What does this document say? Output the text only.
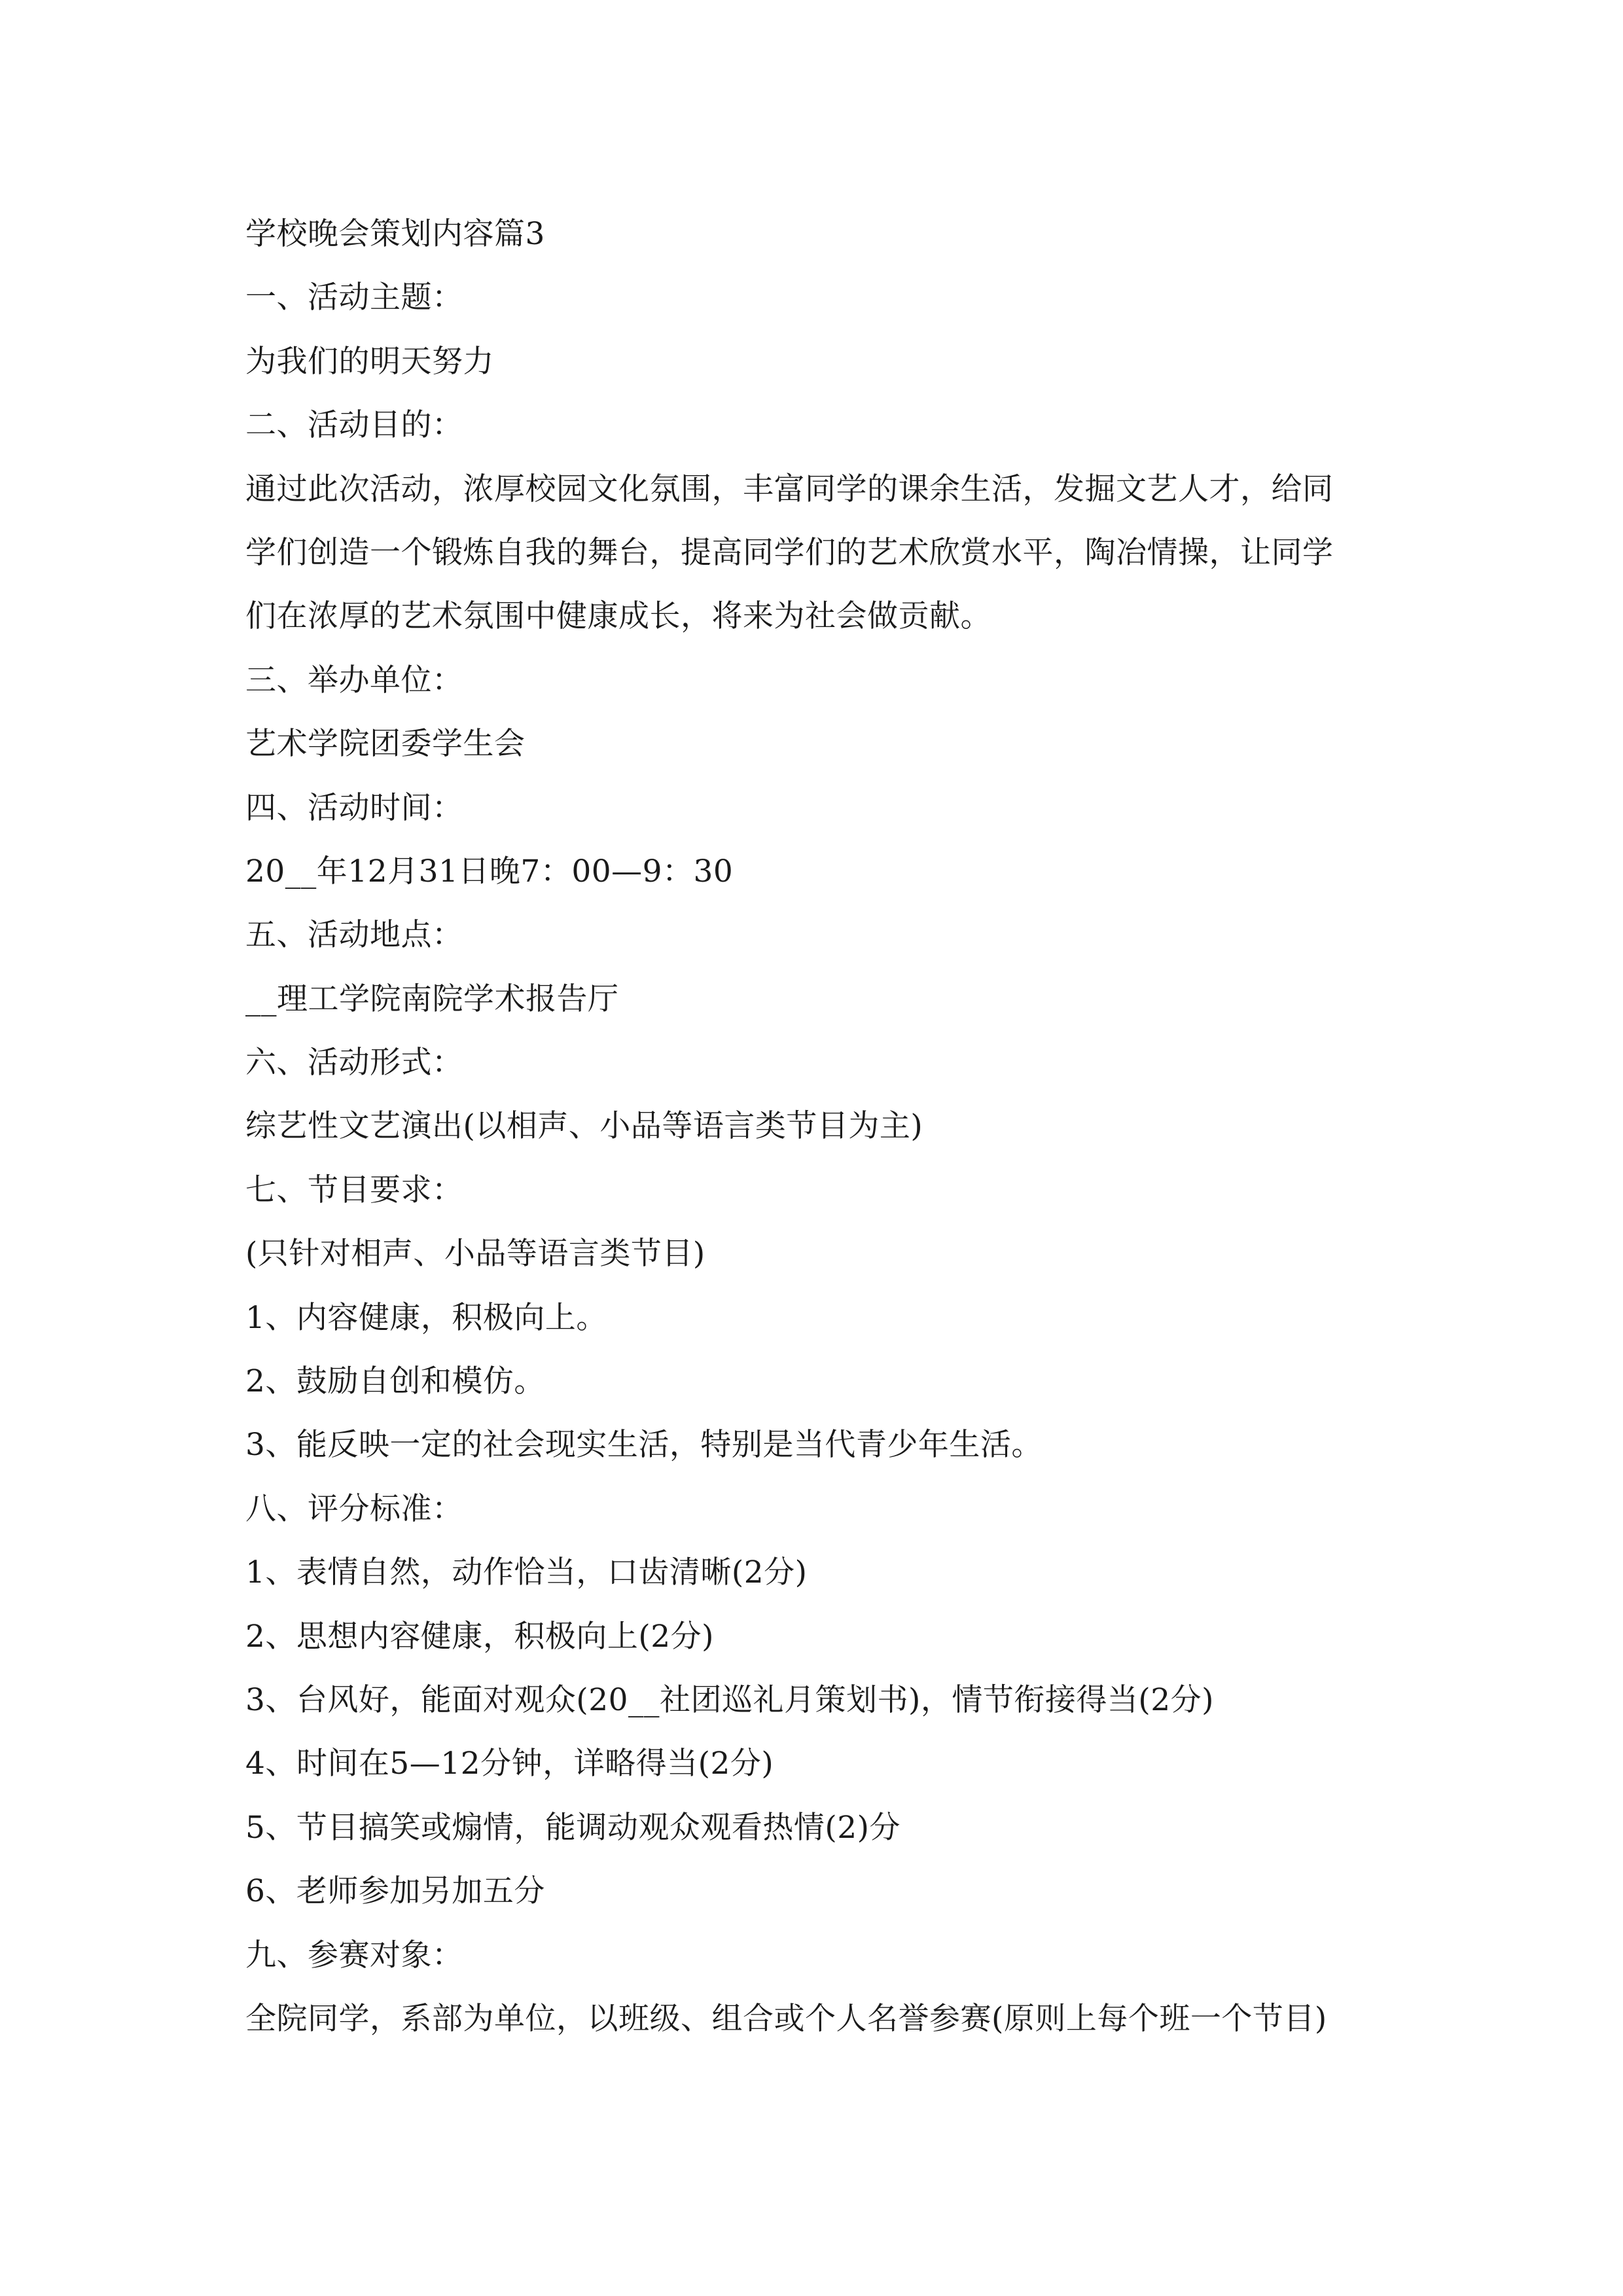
学校晚会策划内容篇3
一、活动主题：
为我们的明天努力
二、活动目的：
通过此次活动，浓厚校园文化氛围，丰富同学的课余生活，发掘文艺人才，给同
学们创造一个锻炼自我的舞台，提高同学们的艺术欣赏水平，陶冶情操，让同学
们在浓厚的艺术氛围中健康成长，将来为社会做贡献。
三、举办单位：
艺术学院团委学生会
四、活动时间：
20__年12月31日晚7：00—9：30
五、活动地点：
__理工学院南院学术报告厅
六、活动形式：
综艺性文艺演出(以相声、小品等语言类节目为主)
七、节目要求：
(只针对相声、小品等语言类节目)
1、内容健康，积极向上。
2、鼓励自创和模仿。
3、能反映一定的社会现实生活，特别是当代青少年生活。
八、评分标准：
1、表情自然，动作恰当，口齿清晰(2分)
2、思想内容健康，积极向上(2分)
3、台风好，能面对观众(20__社团巡礼月策划书)，情节衔接得当(2分)
4、时间在5—12分钟，详略得当(2分)
5、节目搞笑或煽情，能调动观众观看热情(2)分
6、老师参加另加五分
九、参赛对象：
全院同学，系部为单位，以班级、组合或个人名誉参赛(原则上每个班一个节目)
